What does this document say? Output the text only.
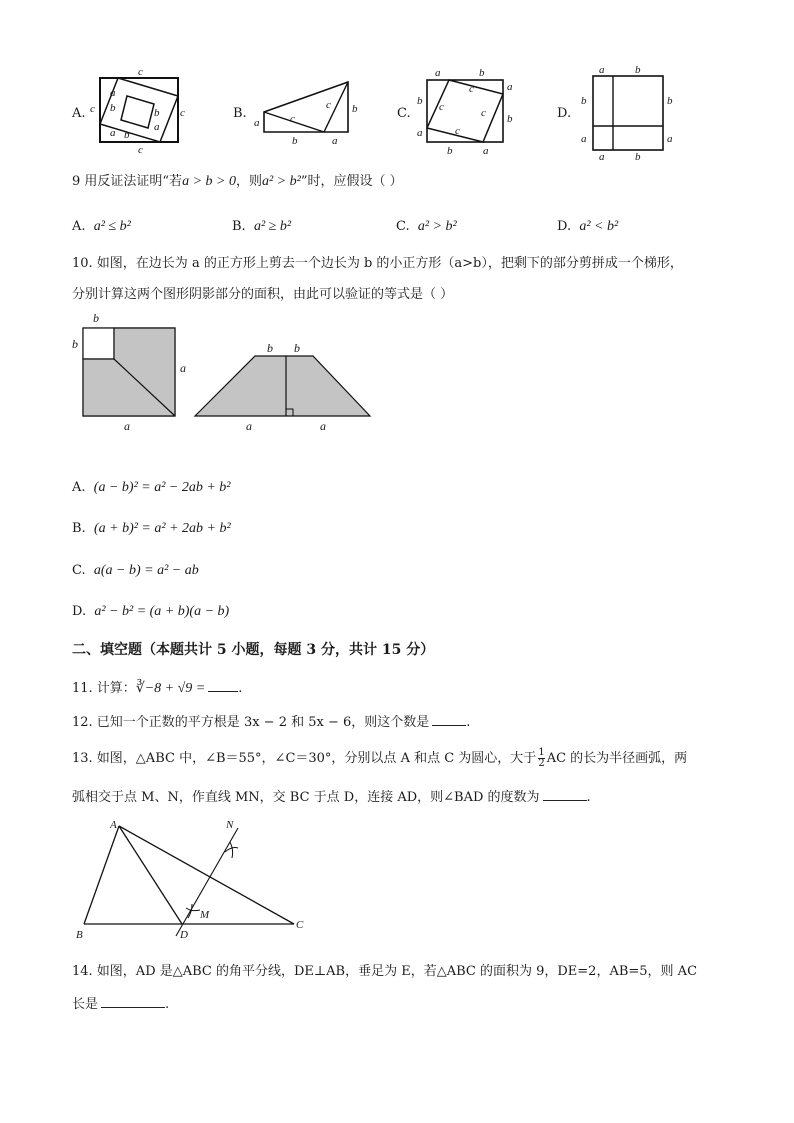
A.
c
c
c	c
a
b
a b
b
a
B.
a
b
b	a
c
c
C.
a	b
b
a
a
b
b	a
c
c	c
c
D.
a	b
b
a
b
a
a	b
9 用反证法证明“若a > b > 0，则a² > b²”时，应假设（ ）
A. a² ≤ b²	B. a² ≥ b²	C. a² > b²	D. a² < b²
10. 如图，在边长为 a 的正方形上剪去一个边长为 b 的小正方形（a>b），把剩下的部分剪拼成一个梯形，
分别计算这两个图形阴影部分的面积，由此可以验证的等式是（ ）
b
b
a
a
b b
a	a
A. (a − b)² = a² − 2ab + b²
B. (a + b)² = a² + 2ab + b²
C. a(a − b) = a² − ab
D. a² − b² = (a + b)(a − b)
二、填空题（本题共计 5 小题，每题 3 分，共计 15 分）
11. 计算：∛−8 + √9 =	.
12. 已知一个正数的平方根是 3x − 2 和 5x − 6，则这个数是	.
13. 如图，△ABC 中，∠B＝55°，∠C＝30°，分别以点 A 和点 C 为圆心，大于 $\frac{1}{2}$ AC 的长为半径画弧，两
弧相交于点 M、N，作直线 MN，交 BC 于点 D，连接 AD，则∠BAD 的度数为	.
A
B
C
D
M
N
14. 如图，AD 是△ABC 的角平分线，DE⊥AB，垂足为 E，若△ABC 的面积为 9，DE=2，AB=5，则 AC
长是	.
